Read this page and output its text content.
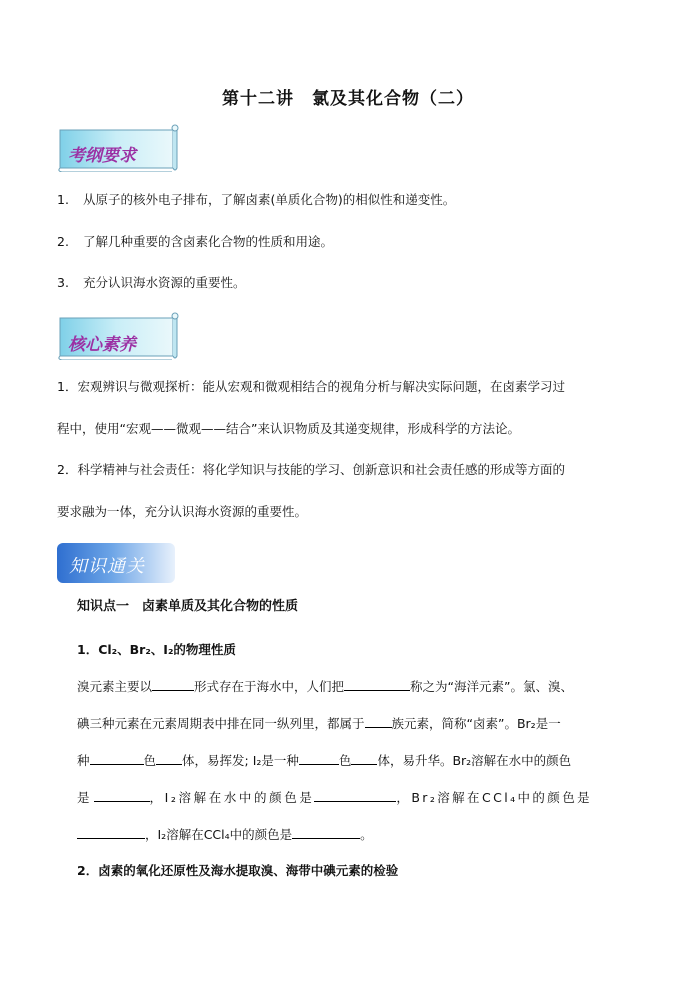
第十二讲　氯及其化合物（二）
考纲要求
1. 从原子的核外电子排布，了解卤素(单质化合物)的相似性和递变性。
2. 了解几种重要的含卤素化合物的性质和用途。
3. 充分认识海水资源的重要性。
核心素养
1．宏观辨识与微观探析：能从宏观和微观相结合的视角分析与解决实际问题，在卤素学习过
程中，使用“宏观——微观——结合”来认识物质及其递变规律，形成科学的方法论。
2．科学精神与社会责任：将化学知识与技能的学习、创新意识和社会责任感的形成等方面的
要求融为一体，充分认识海水资源的重要性。
知识通关
知识点一　卤素单质及其化合物的性质
1．Cl₂、Br₂、I₂的物理性质
溴元素主要以	形式存在于海水中，人们把	称之为“海洋元素”。氯、溴、
碘三种元素在元素周期表中排在同一纵列里，都属于 族元素，简称“卤素”。Br₂是一
种	色 体，易挥发; I₂是一种	色 体，易升华。Br₂溶解在水中的颜色
是	，I₂溶解在水中的颜色是	，Br₂溶解在CCl₄中的颜色是
，I₂溶解在CCl₄中的颜色是	。
2．卤素的氧化还原性及海水提取溴、海带中碘元素的检验
